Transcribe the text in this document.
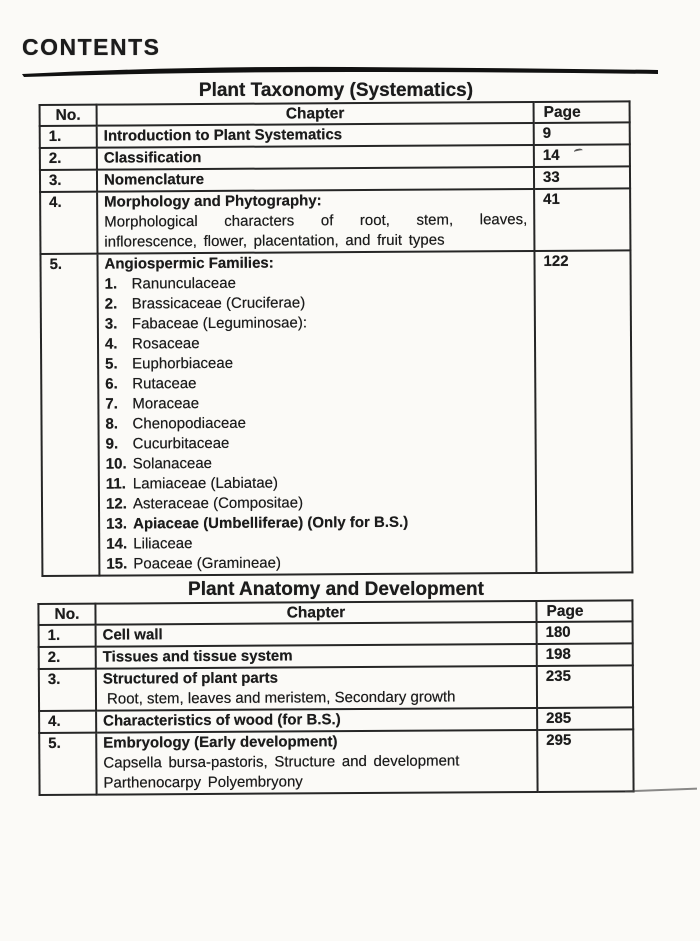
CONTENTS
Plant Taxonomy (Systematics)
No.	Chapter	Page
1.	Introduction to Plant Systematics	9
2.	Classification	14
3.	Nomenclature	33
4.	Morphology and Phytography:
Morphological characters of root, stem, leaves,
inflorescence, flower, placentation, and fruit types	41
5.	Angiospermic Families:
1. Ranunculaceae
2. Brassicaceae (Cruciferae)
3. Fabaceae (Leguminosae):
4. Rosaceae
5. Euphorbiaceae
6. Rutaceae
7. Moraceae
8. Chenopodiaceae
9. Cucurbitaceae
10. Solanaceae
11. Lamiaceae (Labiatae)
12. Asteraceae (Compositae)
13. Apiaceae (Umbelliferae) (Only for B.S.)
14. Liliaceae
15. Poaceae (Gramineae)
	122
Plant Anatomy and Development
No.	Chapter	Page
1.	Cell wall	180
2.	Tissues and tissue system	198
3.	Structured of plant parts
Root, stem, leaves and meristem, Secondary growth	235
4.	Characteristics of wood (for B.S.)	285
5.	Embryology (Early development)
Capsella bursa-pastoris, Structure and development
Parthenocarpy Polyembryony	295
